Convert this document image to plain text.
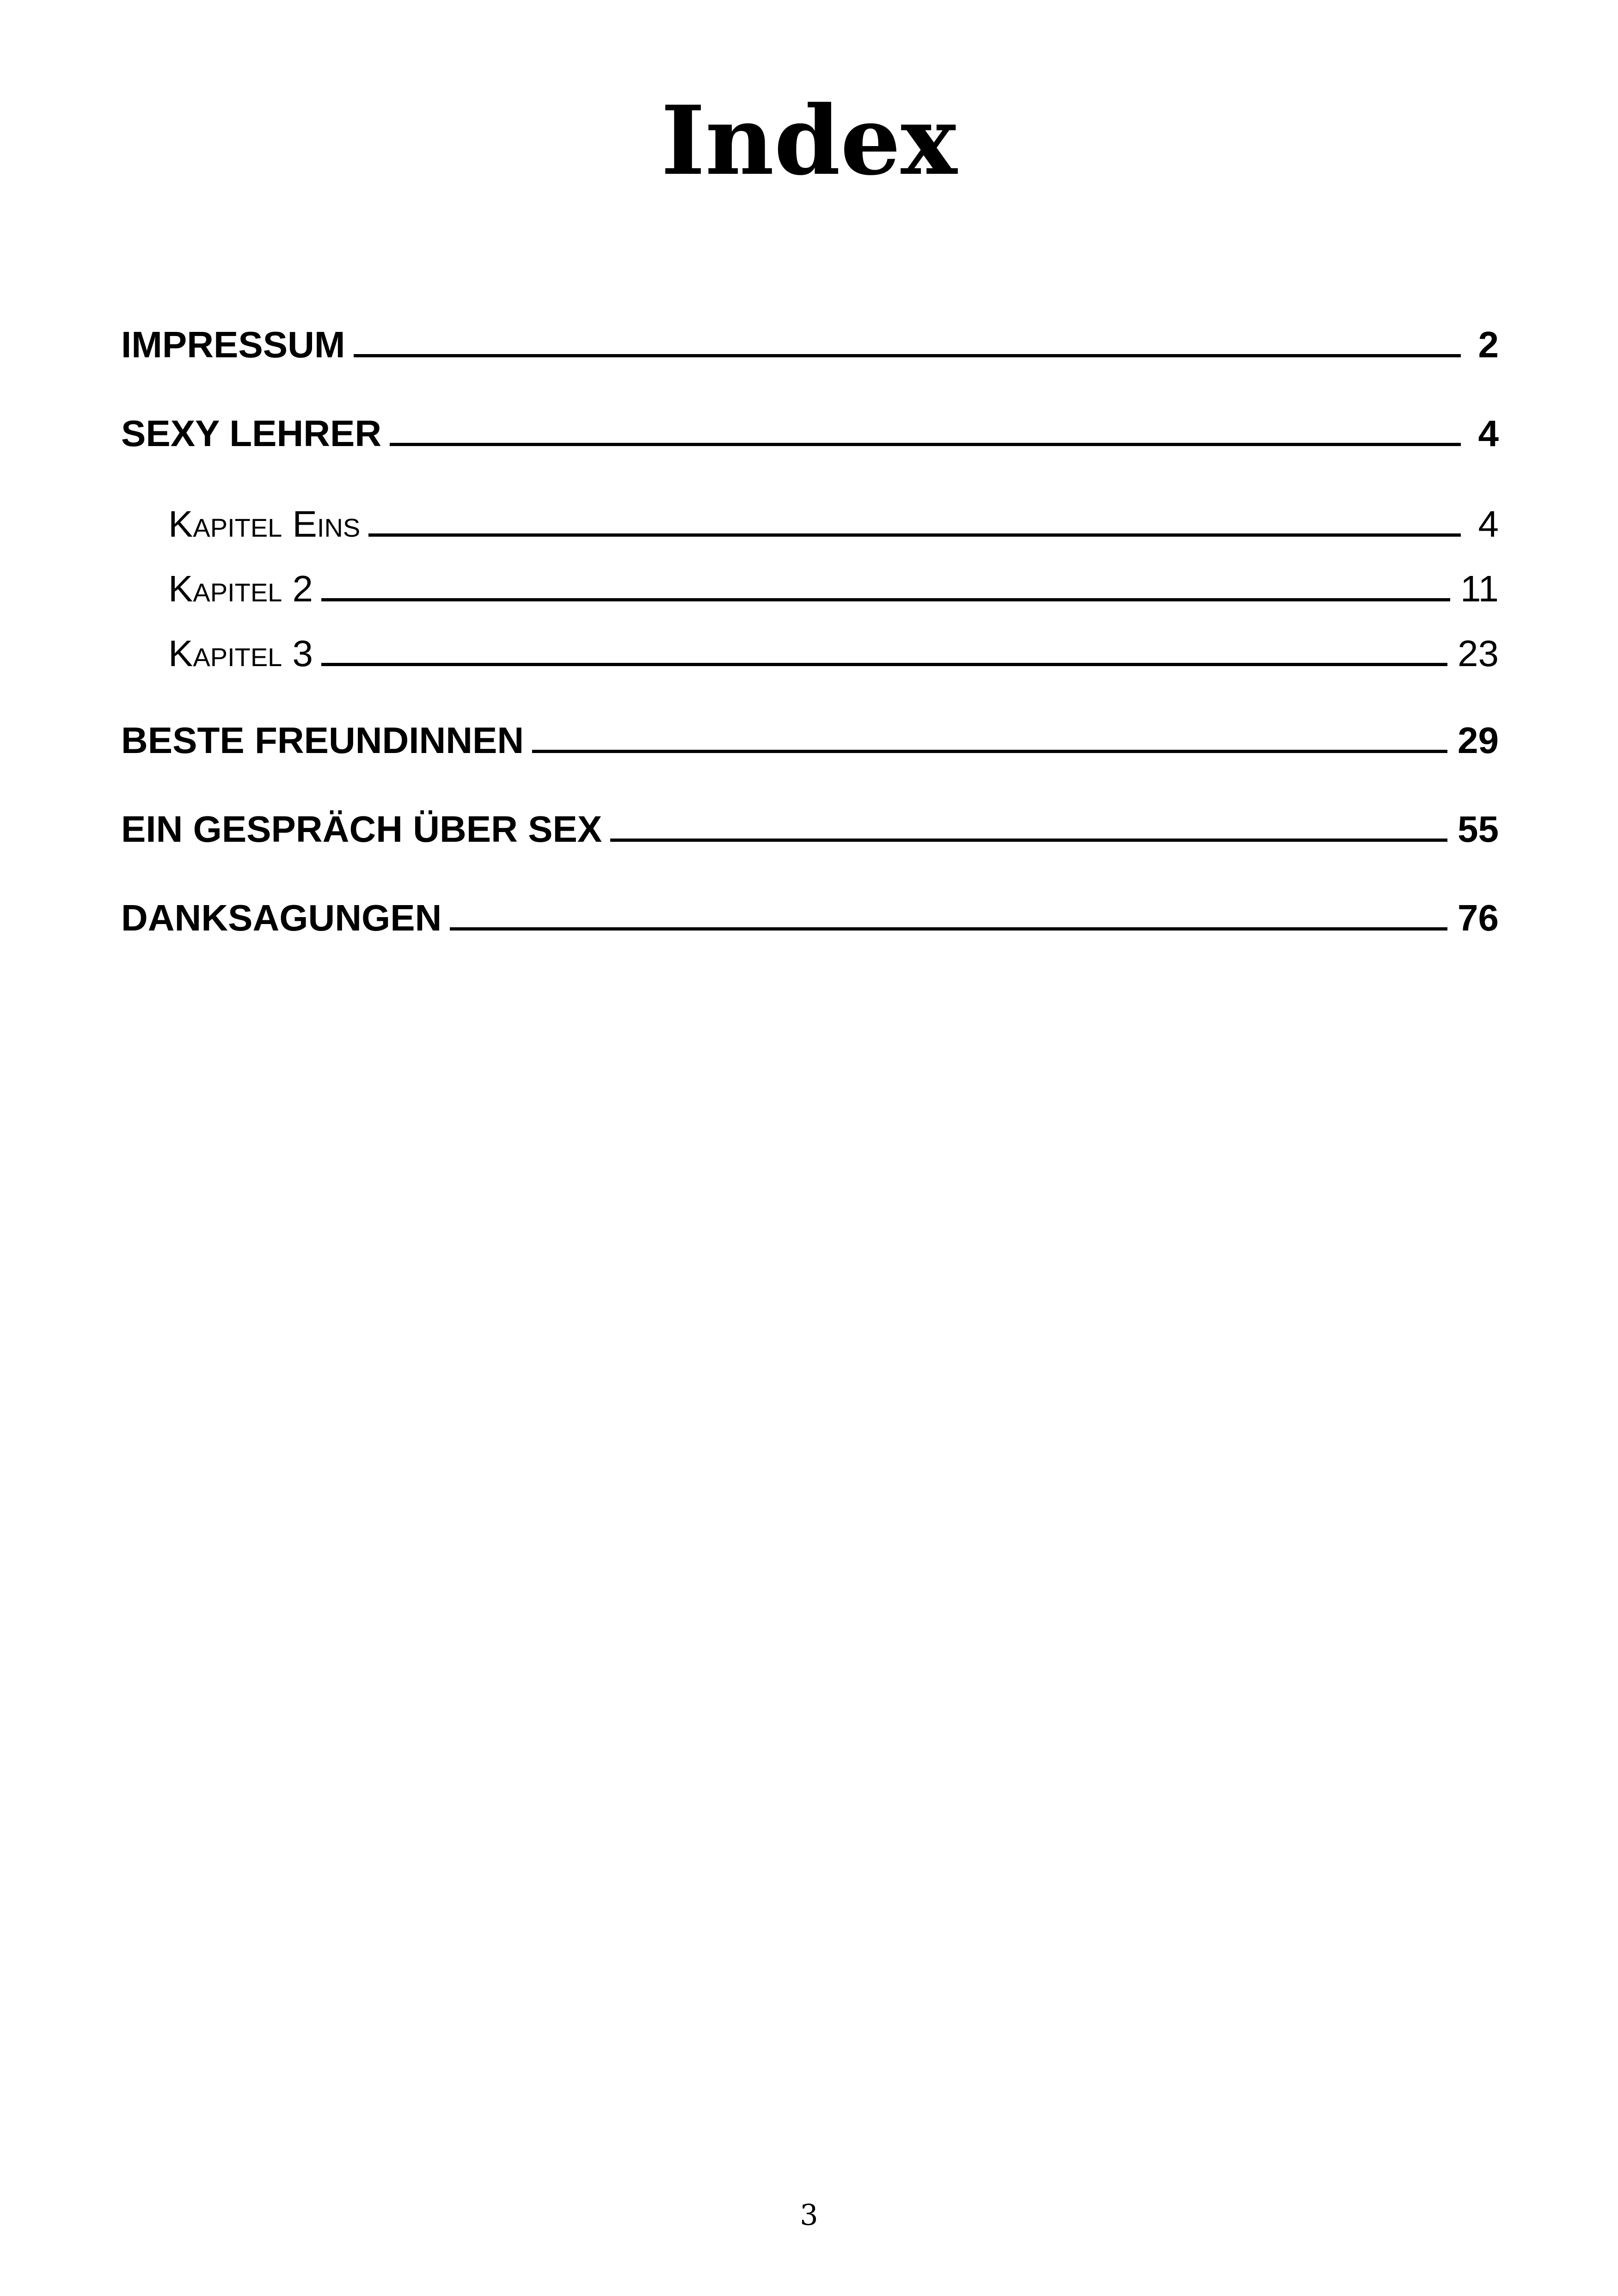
Index
IMPRESSUM	2
SEXY LEHRER	4
Kapitel Eins	4
Kapitel 2	11
Kapitel 3	23
BESTE FREUNDINNEN	29
EIN GESPRÄCH ÜBER SEX	55
DANKSAGUNGEN	76
3
